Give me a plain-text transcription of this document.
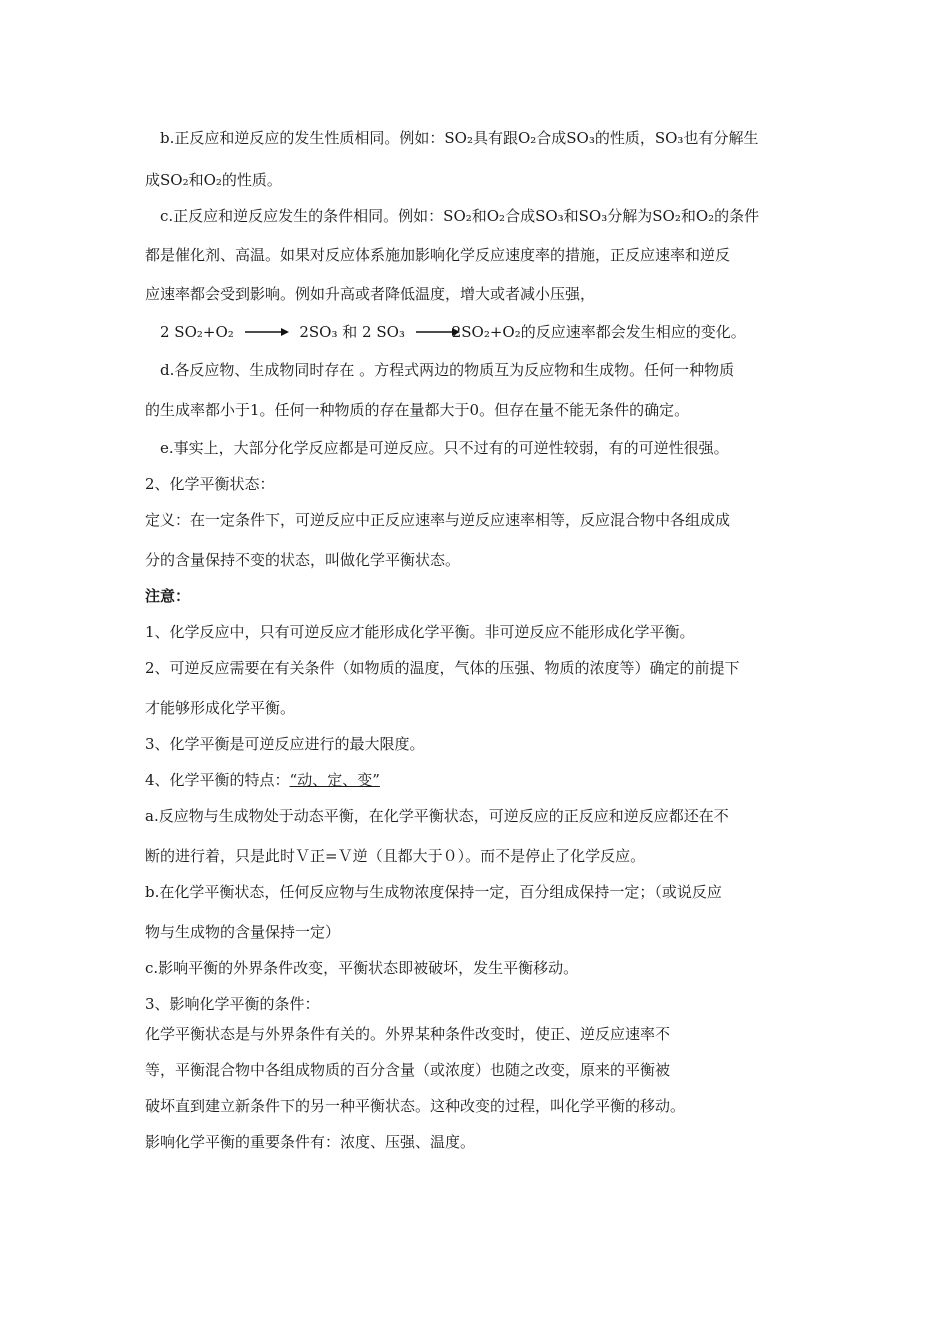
b.正反应和逆反应的发生性质相同。例如：SO₂具有跟O₂合成SO₃的性质，SO₃也有分解生
成SO₂和O₂的性质。
c.正反应和逆反应发生的条件相同。例如：SO₂和O₂合成SO₃和SO₃分解为SO₂和O₂的条件
都是催化剂、高温。如果对反应体系施加影响化学反应速度率的措施，正反应速率和逆反
应速率都会受到影响。例如升高或者降低温度，增大或者减小压强，
2 SO₂+O₂	2SO₃ 和 2 SO₃	2SO₂+O₂的反应速率都会发生相应的变化。
d.各反应物、生成物同时存在 。方程式两边的物质互为反应物和生成物。任何一种物质
的生成率都小于1。任何一种物质的存在量都大于0。但存在量不能无条件的确定。
e.事实上，大部分化学反应都是可逆反应。只不过有的可逆性较弱，有的可逆性很强。
2、化学平衡状态：
定义：在一定条件下，可逆反应中正反应速率与逆反应速率相等，反应混合物中各组成成
分的含量保持不变的状态，叫做化学平衡状态。
注意：
1、化学反应中，只有可逆反应才能形成化学平衡。非可逆反应不能形成化学平衡。
2、可逆反应需要在有关条件（如物质的温度，气体的压强、物质的浓度等）确定的前提下
才能够形成化学平衡。
3、化学平衡是可逆反应进行的最大限度。
4、化学平衡的特点：“动、定、变”
a.反应物与生成物处于动态平衡，在化学平衡状态，可逆反应的正反应和逆反应都还在不
断的进行着，只是此时Ｖ正=Ｖ逆（且都大于０）。而不是停止了化学反应。
b.在化学平衡状态，任何反应物与生成物浓度保持一定，百分组成保持一定；（或说反应
物与生成物的含量保持一定）
c.影响平衡的外界条件改变，平衡状态即被破坏，发生平衡移动。
3、影响化学平衡的条件：
化学平衡状态是与外界条件有关的。外界某种条件改变时，使正、逆反应速率不
等，平衡混合物中各组成物质的百分含量（或浓度）也随之改变，原来的平衡被
破坏直到建立新条件下的另一种平衡状态。这种改变的过程，叫化学平衡的移动。
影响化学平衡的重要条件有：浓度、压强、温度。
